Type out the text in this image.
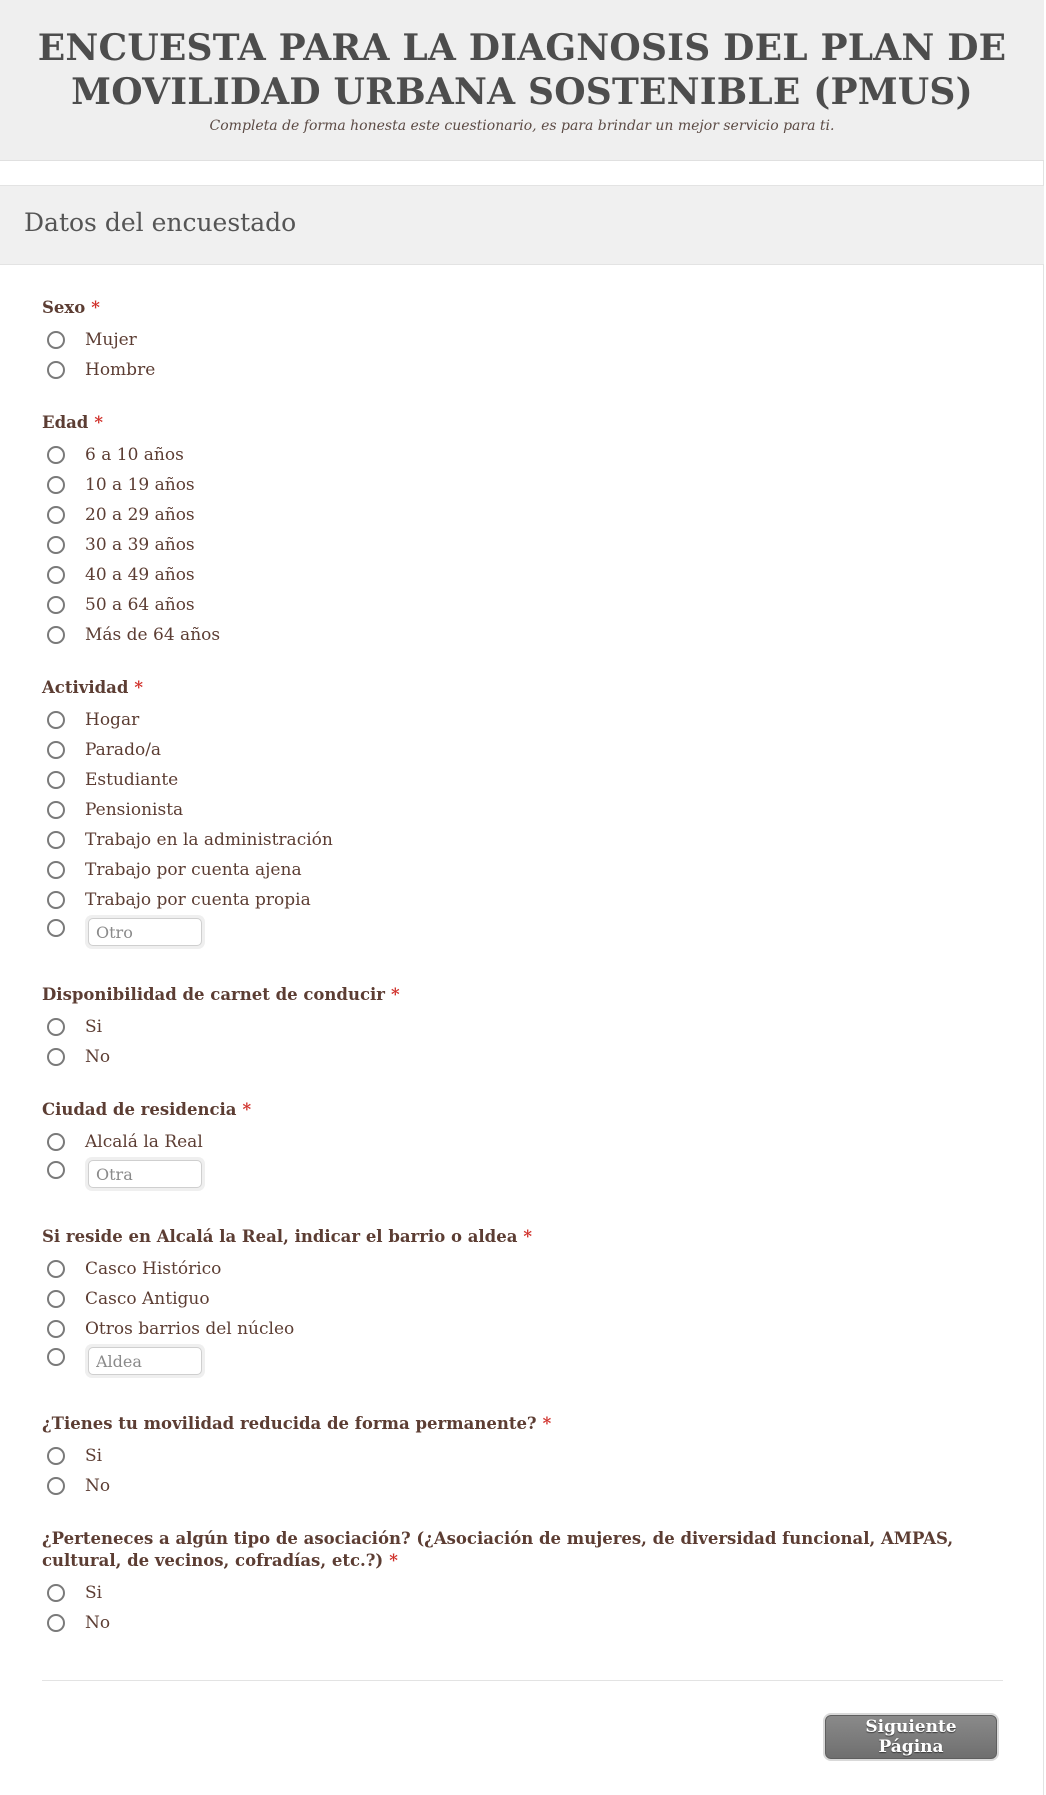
ENCUESTA PARA LA DIAGNOSIS DEL PLAN DE
MOVILIDAD URBANA SOSTENIBLE (PMUS)
Completa de forma honesta este cuestionario, es para brindar un mejor servicio para ti.
Datos del encuestado
Sexo *
Mujer
Hombre
Edad *
6 a 10 años
10 a 19 años
20 a 29 años
30 a 39 años
40 a 49 años
50 a 64 años
Más de 64 años
Actividad *
Hogar
Parado/a
Estudiante
Pensionista
Trabajo en la administración
Trabajo por cuenta ajena
Trabajo por cuenta propia
Otro
Disponibilidad de carnet de conducir *
Si
No
Ciudad de residencia *
Alcalá la Real
Otra
Si reside en Alcalá la Real, indicar el barrio o aldea *
Casco Histórico
Casco Antiguo
Otros barrios del núcleo
Aldea
¿Tienes tu movilidad reducida de forma permanente? *
Si
No
¿Perteneces a algún tipo de asociación? (¿Asociación de mujeres, de diversidad funcional, AMPAS, cultural, de vecinos, cofradías, etc.?) *
Si
No
Siguiente Página
